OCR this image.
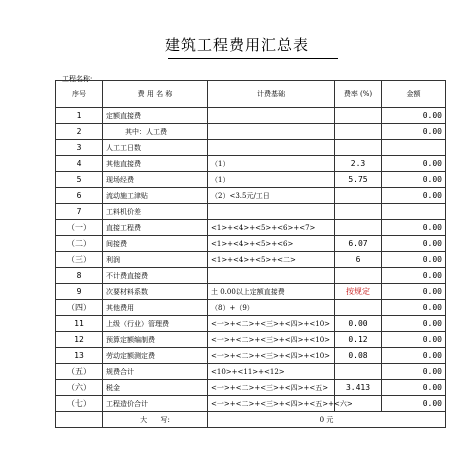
建筑工程费用汇总表
工程名称:
序号	费 用 名 称	计费基础	费率 (%)	金额
1	定额直接费			0.00
2	其中：人工费			0.00
3	人工工日数			
4	其他直接费	（1）	2.3	0.00
5	现场经费	（1）	5.75	0.00
6	流动施工津贴	（2）<3.5元/工日		0.00
7	工料机价差			
（一）	直接工程费	<1>+<4>+<5>+<6>+<7>		0.00
（二）	间接费	<1>+<4>+<5>+<6>	6.07	0.00
（三）	利润	<1>+<4>+<5>+<二>	6	0.00
8	不计费直接费			0.00
9	次要材料系数	土 0.00以上定额直接费	按规定	0.00
（四）	其他费用	（8）+（9）		0.00
11	上级（行业）管理费	<一>+<二>+<三>+<四>+<10>	0.00	0.00
12	预算定额编制费	<一>+<二>+<三>+<四>+<10>	0.12	0.00
13	劳动定额测定费	<一>+<二>+<三>+<四>+<10>	0.08	0.00
（五）	规费合计	<10>+<11>+<12>		0.00
（六）	税金	<一>+<二>+<三>+<四>+<五>	3.413	0.00
（七）	工程造价合计	<一>+<二>+<三>+<四>+<五>+<六>		0.00
	大      写:	0 元		
